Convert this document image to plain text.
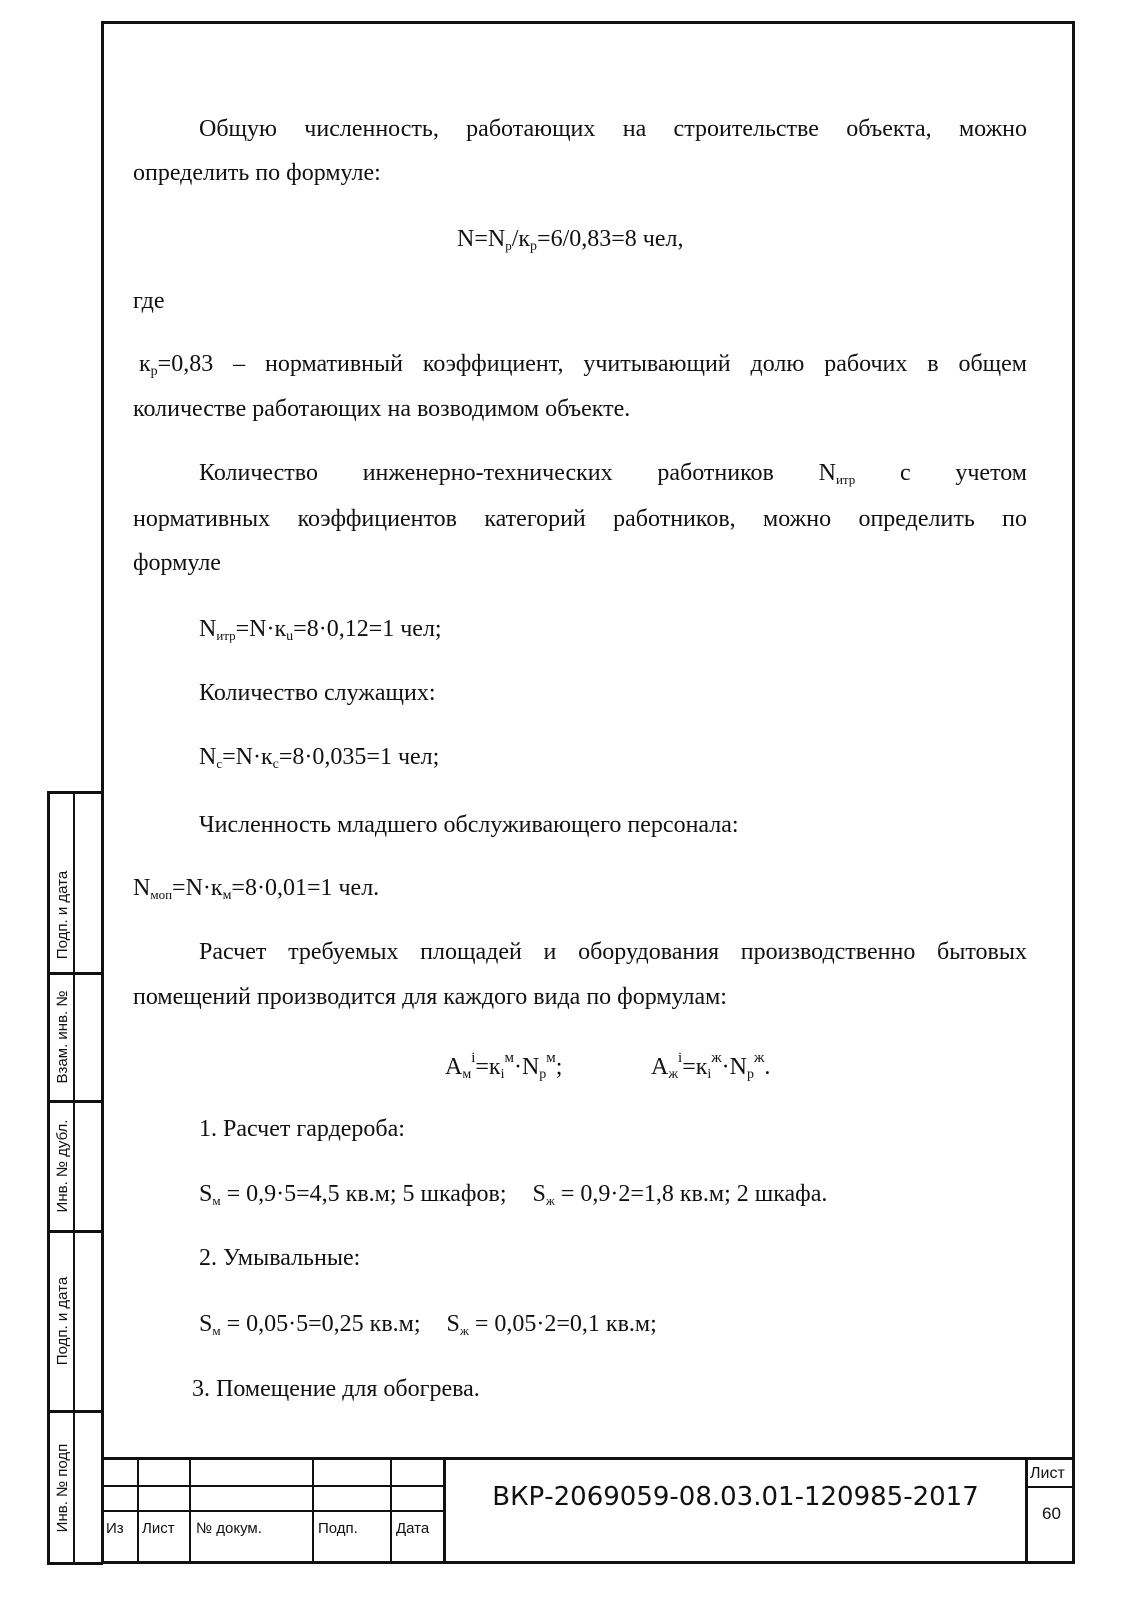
Общую численность, работающих на строительстве объекта, можно
определить по формуле:
$N=Nр/к_р=6/0,83=8$ чел,
где
$к_р=0,83$ – нормативный коэффициент, учитывающий долю рабочих в общем
количестве работающих на возводимом объекте.
Количество инженерно-технических работников Nитр с учетом
нормативных коэффициентов категорий работников, можно определить по
формуле
$Nитр=N\cdot к_u=8\cdot 0,12=1$ чел;
Количество служащих:
$Nс=N\cdot к_с=8\cdot 0,035=1$ чел;
Численность младшего обслуживающего персонала:
$Nмоп=N\cdot к_м=8\cdot 0,01=1$ чел.
Расчет требуемых площадей и оборудования производственно бытовых
помещений производится для каждого вида по формулам:
$А_м^i=к_i^м\cdot N_р^м$;	$А_ж^i=к_i^ж\cdot N_р^ж$.
1. Расчет гардероба:
Sм = 0,9·5=4,5 кв.м; 5 шкафов; Sж = 0,9·2=1,8 кв.м; 2 шкафа.
2. Умывальные:
Sм = 0,05·5=0,25 кв.м; Sж = 0,05·2=0,1 кв.м;
3. Помещение для обогрева.
Подп. и дата
Взам. инв. №
Инв. № дубл.
Подп. и дата
Инв. № подп Из Лист № докум.	Подп.	Дата
ВКР-2069059-08.03.01-120985-2017
Лист
60
